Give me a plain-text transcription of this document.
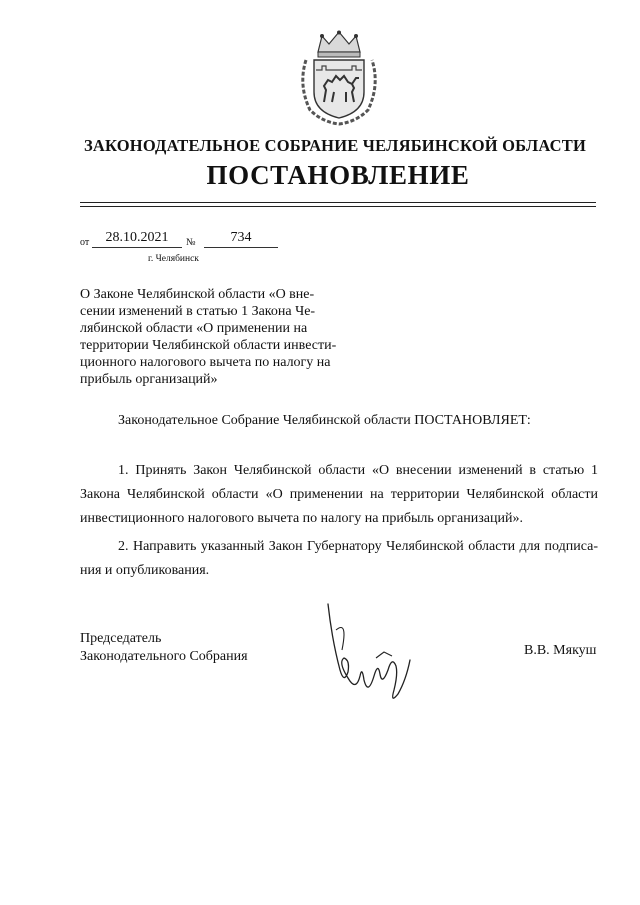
ЗАКОНОДАТЕЛЬНОЕ СОБРАНИЕ ЧЕЛЯБИНСКОЙ ОБЛАСТИ
ПОСТАНОВЛЕНИЕ
от	28.10.2021	№	734
г. Челябинск
О Законе Челябинской области «О вне-
сении изменений в статью 1 Закона Че-
лябинской области «О применении на
территории Челябинской области инвести-
ционного налогового вычета по налогу на
прибыль организаций»
Законодательное Собрание Челябинской области ПОСТАНОВЛЯЕТ:
1. Принять Закон Челябинской области «О внесении изменений в статью 1
Закона Челябинской области «О применении на территории Челябинской области
инвестиционного налогового вычета по налогу на прибыль организаций».
2. Направить указанный Закон Губернатору Челябинской области для подписа-
ния и опубликования.
Председатель
Законодательного Собрания	В.В. Мякуш
